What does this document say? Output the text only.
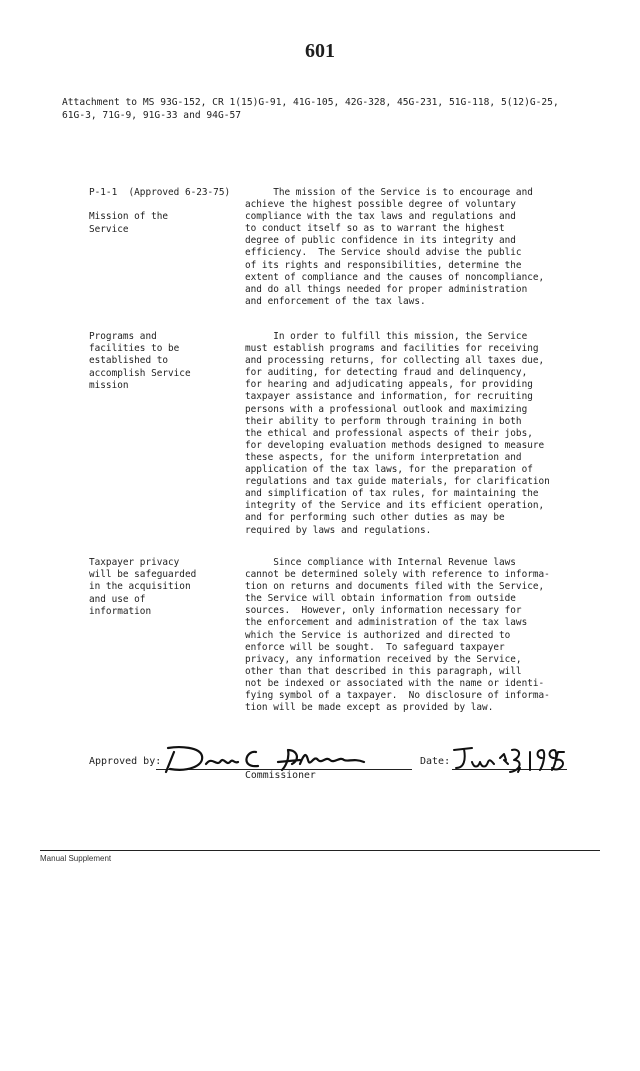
601
Attachment to MS 93G-152, CR 1(15)G-91, 41G-105, 42G-328, 45G-231, 51G-118, 5(12)G-25,
61G-3, 71G-9, 91G-33 and 94G-57
P-1-1  (Approved 6-23-75)

Mission of the
Service
The mission of the Service is to encourage and
achieve the highest possible degree of voluntary
compliance with the tax laws and regulations and
to conduct itself so as to warrant the highest
degree of public confidence in its integrity and
efficiency.  The Service should advise the public
of its rights and responsibilities, determine the
extent of compliance and the causes of noncompliance,
and do all things needed for proper administration
and enforcement of the tax laws.
Programs and
facilities to be
established to
accomplish Service
mission
In order to fulfill this mission, the Service
must establish programs and facilities for receiving
and processing returns, for collecting all taxes due,
for auditing, for detecting fraud and delinquency,
for hearing and adjudicating appeals, for providing
taxpayer assistance and information, for recruiting
persons with a professional outlook and maximizing
their ability to perform through training in both
the ethical and professional aspects of their jobs,
for developing evaluation methods designed to measure
these aspects, for the uniform interpretation and
application of the tax laws, for the preparation of
regulations and tax guide materials, for clarification
and simplification of tax rules, for maintaining the
integrity of the Service and its efficient operation,
and for performing such other duties as may be
required by laws and regulations.
Taxpayer privacy
will be safeguarded
in the acquisition
and use of
information
Since compliance with Internal Revenue laws
cannot be determined solely with reference to informa-
tion on returns and documents filed with the Service,
the Service will obtain information from outside
sources.  However, only information necessary for
the enforcement and administration of the tax laws
which the Service is authorized and directed to
enforce will be sought.  To safeguard taxpayer
privacy, any information received by the Service,
other than that described in this paragraph, will
not be indexed or associated with the name or identi-
fying symbol of a taxpayer.  No disclosure of informa-
tion will be made except as provided by law.
Approved by:
Commissioner
Date:
Manual Supplement
